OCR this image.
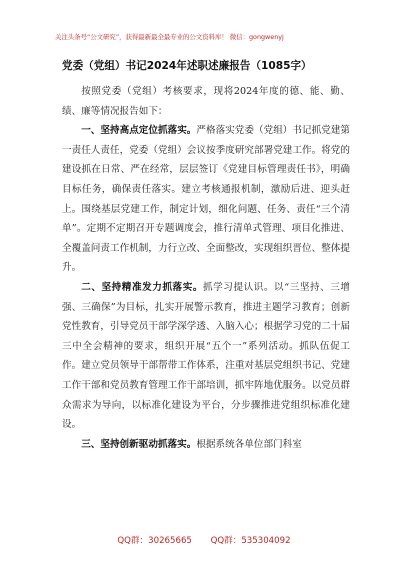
关注头条号“公文研究”，获得最新最全最专业的公文资料库！ 微信：gongwenyj
党委（党组）书记2024年述职述廉报告（1085字）

按照党委（党组）考核要求，现将2024年度的德、能、勤、绩、廉等情况报告如下：

一、坚持高点定位抓落实。严格落实党委（党组）书记抓党建第一责任人责任，党委（党组）会议按季度研究部署党建工作。将党的建设抓在日常、严在经常，层层签订《党建目标管理责任书》，明确目标任务，确保责任落实。建立考核通报机制，激励后进、迎头赶上。围绕基层党建工作，制定计划，细化问题、任务、责任“三个清单”。定期不定期召开专题调度会，推行清单式管理、项目化推进、全覆盖问责工作机制，力行立改、全面整改，实现组织晋位、整体提升。

二、坚持精准发力抓落实。抓学习提认识。以“三坚持、三增强、三确保”为目标，扎实开展警示教育，推进主题学习教育；创新党性教育，引导党员干部学深学透、入脑入心；根据学习党的二十届三中全会精神的要求，组织开展“五个一”系列活动。抓队伍促工作。建立党员领导干部帮带工作体系，注重对基层党组织书记、党建工作干部和党员教育管理工作干部培训，抓牢阵地优服务。以党员群众需求为导向，以标准化建设为平台，分步骤推进党组织标准化建设。

三、坚持创新驱动抓落实。根据系统各单位部门科室

QQ群：30265665 QQ群：535304092
